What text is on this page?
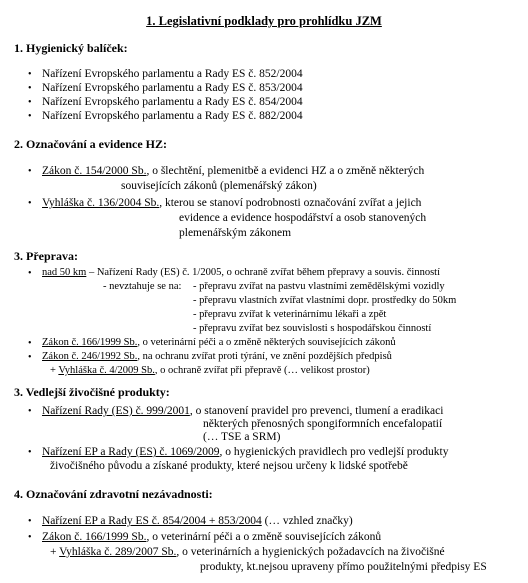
1. Legislativní podklady pro prohlídku JZM
1. Hygienický balíček:
• Nařízení Evropského parlamentu a Rady ES č. 852/2004
• Nařízení Evropského parlamentu a Rady ES č. 853/2004
• Nařízení Evropského parlamentu a Rady ES č. 854/2004
• Nařízení Evropského parlamentu a Rady ES č. 882/2004
2. Označování a evidence HZ:
• Zákon č. 154/2000 Sb., o šlechtění, plemenitbě a evidenci HZ a o změně některých
souvisejících zákonů (plemenářský zákon)
• Vyhláška č. 136/2004 Sb., kterou se stanoví podrobnosti označování zvířat a jejich
evidence a evidence hospodářství a osob stanovených
plemenářským zákonem
3. Přeprava:
• nad 50 km – Nařízení Rady (ES) č. 1/2005, o ochraně zvířat během přepravy a souvis. činností
- nevztahuje se na: - přepravu zvířat na pastvu vlastními zemědělskými vozidly
- přepravu vlastních zvířat vlastními dopr. prostředky do 50km
- přepravu zvířat k veterinárnímu lékaři a zpět
- přepravu zvířat bez souvislosti s hospodářskou činností
• Zákon č. 166/1999 Sb., o veterinární péči a o změně některých souvisejících zákonů
• Zákon č. 246/1992 Sb., na ochranu zvířat proti týrání, ve znění pozdějších předpisů
+ Vyhláška č. 4/2009 Sb., o ochraně zvířat při přepravě (… velikost prostor)
3. Vedlejší živočišné produkty:
• Nařízení Rady (ES) č. 999/2001, o stanovení pravidel pro prevenci, tlumení a eradikaci
některých přenosných spongiformních encefalopatií
(… TSE a SRM)
• Nařízení EP a Rady (ES) č. 1069/2009, o hygienických pravidlech pro vedlejší produkty
živočišného původu a získané produkty, které nejsou určeny k lidské spotřebě
4. Označování zdravotní nezávadnosti:
• Nařízení EP a Rady ES č. 854/2004 + 853/2004 (… vzhled značky)
• Zákon č. 166/1999 Sb., o veterinární péči a o změně souvisejících zákonů
+ Vyhláška č. 289/2007 Sb., o veterinárních a hygienických požadavcích na živočišné
produkty, kt.nejsou upraveny přímo použitelnými předpisy ES
